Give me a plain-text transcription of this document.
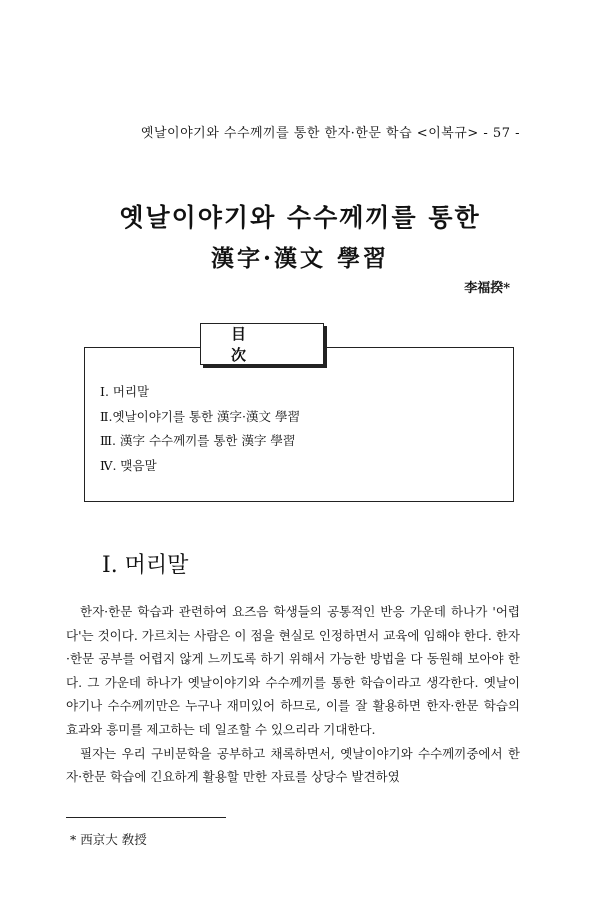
옛날이야기와 수수께끼를 통한 한자·한문 학습 <이복규> - 57 -
옛날이야기와 수수께끼를 통한
漢字·漢文 學習
李福揆*
目 次
Ⅰ. 머리말
Ⅱ.옛날이야기를 통한 漢字·漢文 學習
Ⅲ. 漢字 수수께끼를 통한 漢字 學習
Ⅳ. 맺음말
Ⅰ. 머리말

한자·한문 학습과 관련하여 요즈음 학생들의 공통적인 반응 가운데 하나가 '어렵다'는 것이다. 가르치는 사람은 이 점을 현실로 인정하면서 교육에 임해야 한다. 한자·한문 공부를 어렵지 않게 느끼도록 하기 위해서 가능한 방법을 다 동원해 보아야 한다. 그 가운데 하나가 옛날이야기와 수수께끼를 통한 학습이라고 생각한다. 옛날이야기나 수수께끼만은 누구나 재미있어 하므로, 이를 잘 활용하면 한자·한문 학습의 효과와 흥미를 제고하는 데 일조할 수 있으리라 기대한다.

필자는 우리 구비문학을 공부하고 채록하면서, 옛날이야기와 수수께끼중에서 한자·한문 학습에 긴요하게 활용할 만한 자료를 상당수 발견하였

* 西京大 敎授
